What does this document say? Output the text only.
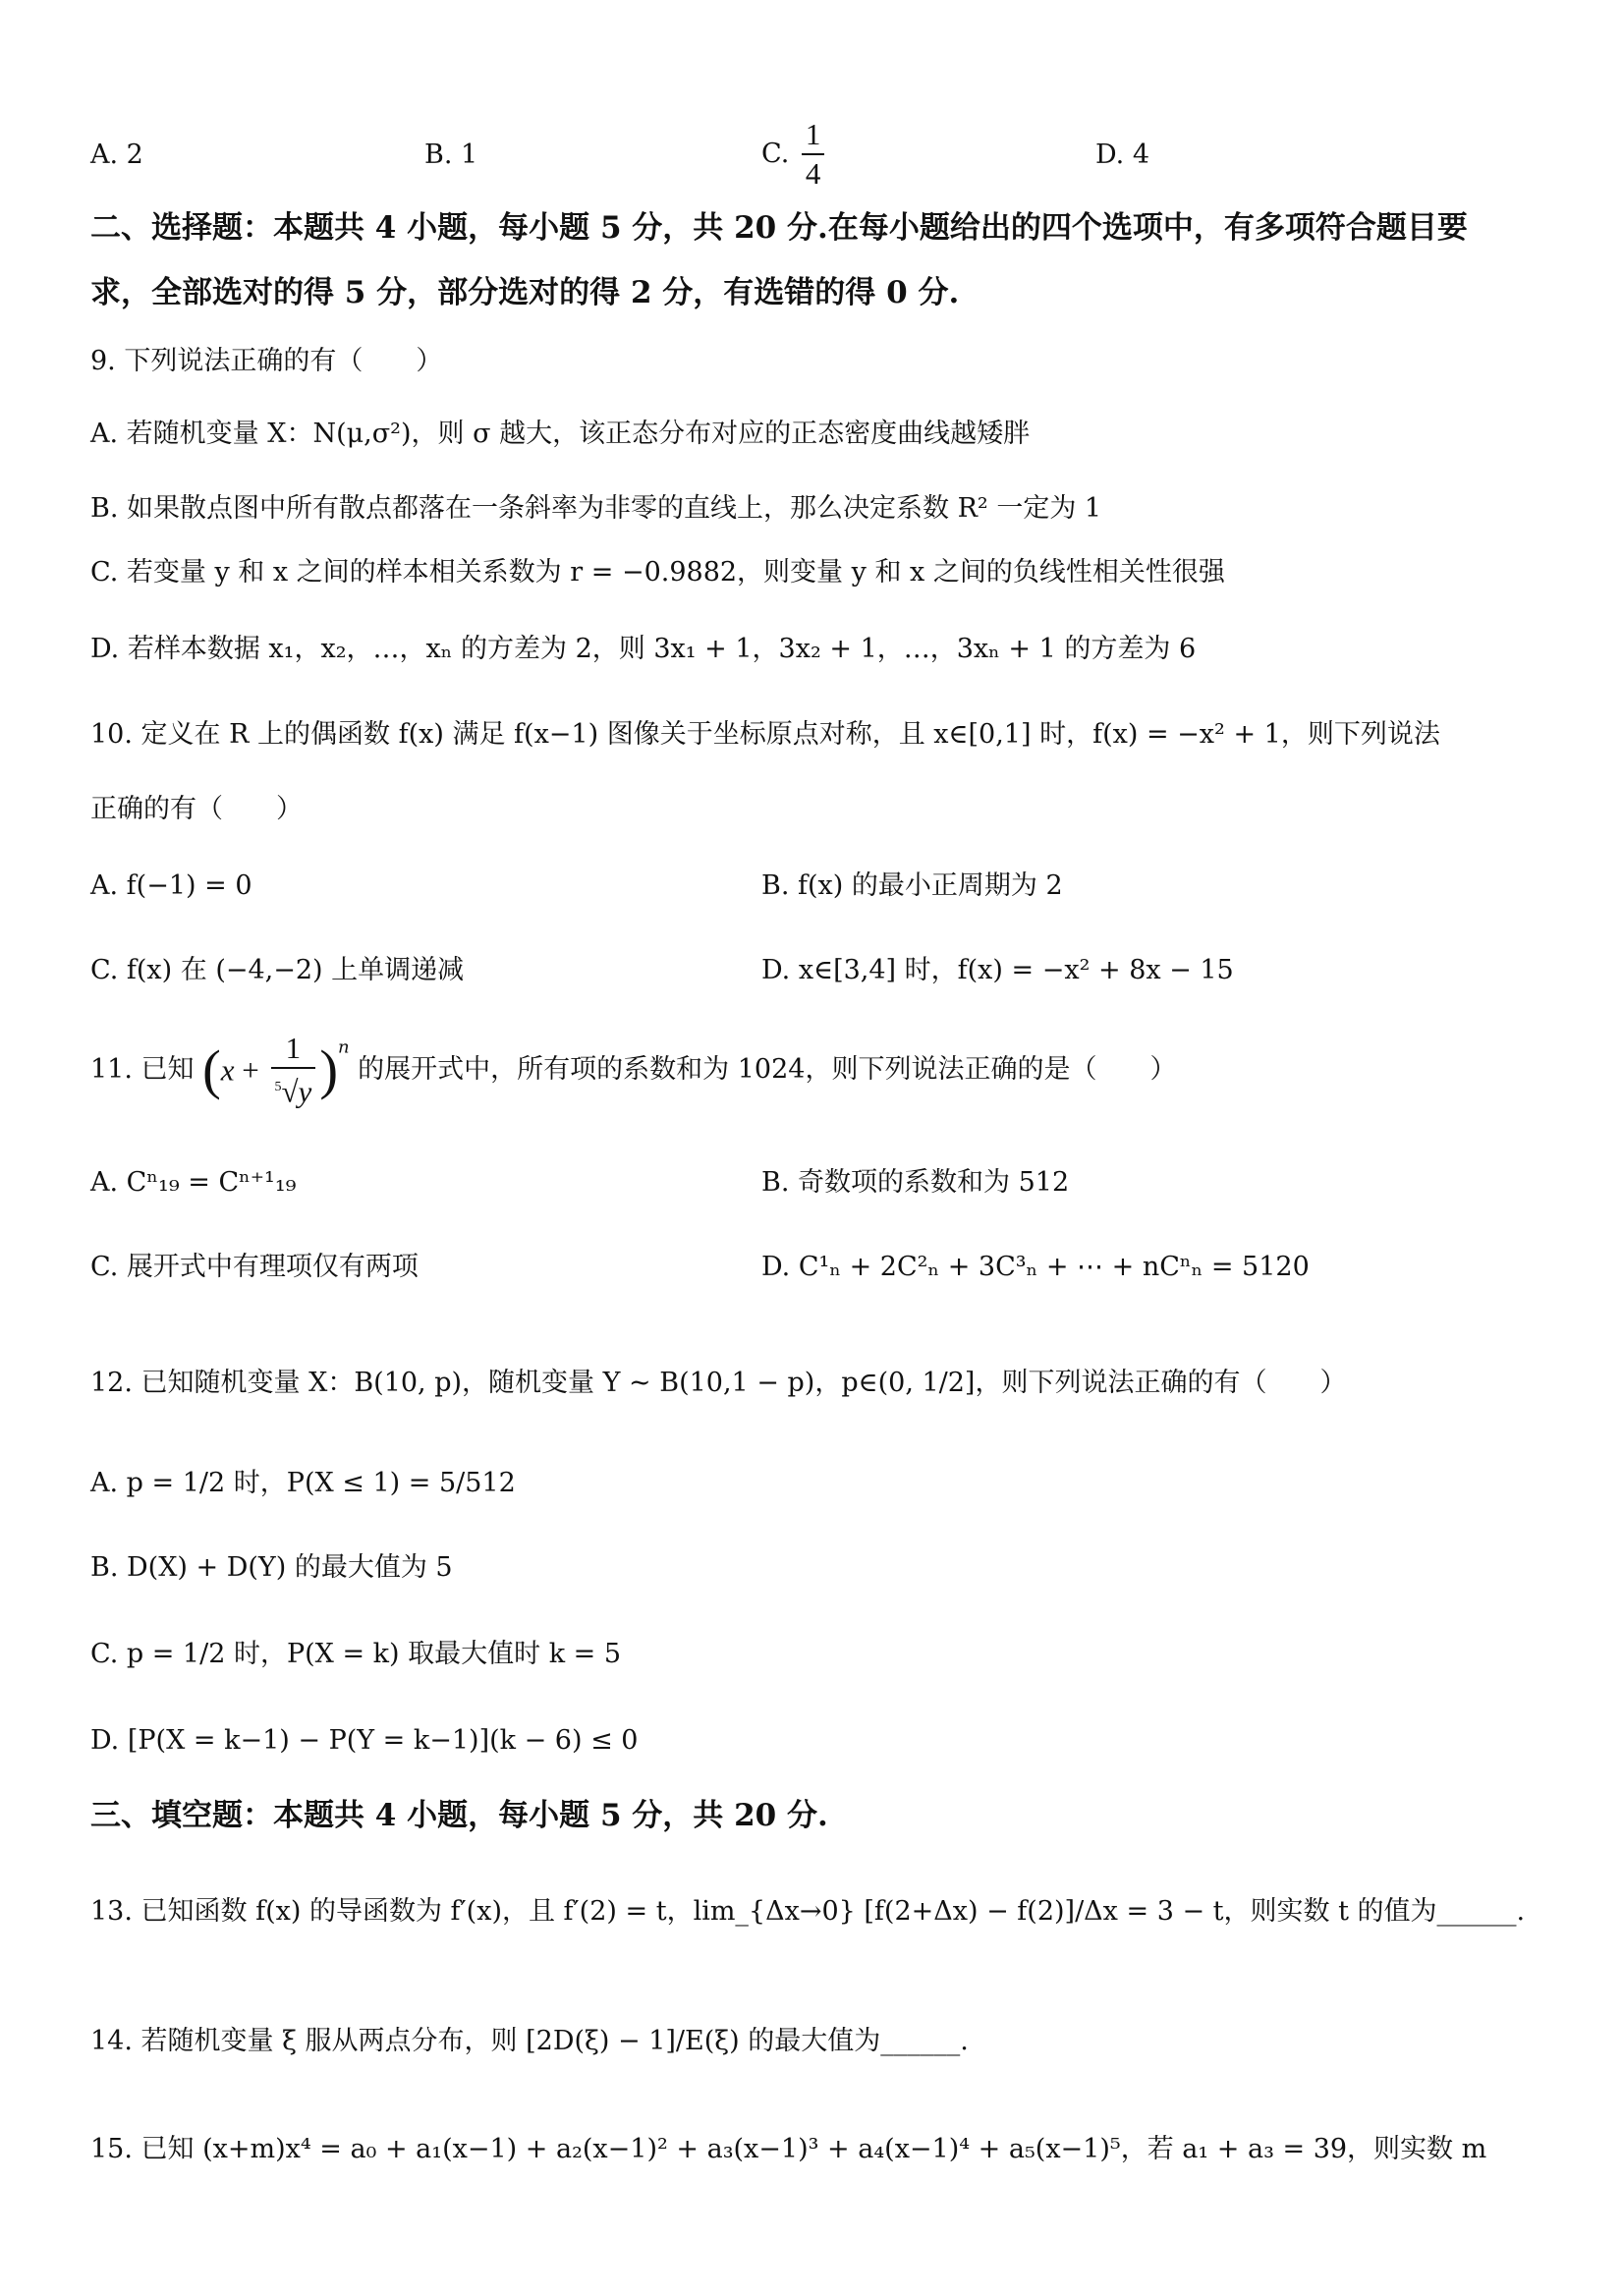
A. 2	B. 1	C. $\frac{1}{4}$	D. 4
二、选择题：本题共 4 小题，每小题 5 分，共 20 分.在每小题给出的四个选项中，有多项符合题目要
求，全部选对的得 5 分，部分选对的得 2 分，有选错的得 0 分.
9. 下列说法正确的有（　　）
A. 若随机变量 X：N(μ,σ²)，则 σ 越大，该正态分布对应的正态密度曲线越矮胖
B. 如果散点图中所有散点都落在一条斜率为非零的直线上，那么决定系数 R² 一定为 1
C. 若变量 y 和 x 之间的样本相关系数为 r = −0.9882，则变量 y 和 x 之间的负线性相关性很强
D. 若样本数据 x₁，x₂，…，xₙ 的方差为 2，则 3x₁ + 1，3x₂ + 1，…，3xₙ + 1 的方差为 6
10. 定义在 R 上的偶函数 f(x) 满足 f(x−1) 图像关于坐标原点对称，且 x∈[0,1] 时，f(x) = −x² + 1，则下列说法
正确的有（　　）
A. f(−1) = 0	B. f(x) 的最小正周期为 2
C. f(x) 在 (−4,−2) 上单调递减	D. x∈[3,4] 时，f(x) = −x² + 8x − 15
11. 已知 $(x + \frac{1}{^5√y} )^n$ 的展开式中，所有项的系数和为 1024，则下列说法正确的是（　　）
A. Cⁿ₁₉ = Cⁿ⁺¹₁₉	B. 奇数项的系数和为 512
C. 展开式中有理项仅有两项	D. C¹ₙ + 2C²ₙ + 3C³ₙ + ⋯ + nCⁿₙ = 5120
12. 已知随机变量 X：B(10, p)，随机变量 Y ~ B(10,1 − p)，p∈(0, 1/2]，则下列说法正确的有（　　）
A. p = 1/2 时，P(X ≤ 1) = 5/512
B. D(X) + D(Y) 的最大值为 5
C. p = 1/2 时，P(X = k) 取最大值时 k = 5
D. [P(X = k−1) − P(Y = k−1)](k − 6) ≤ 0
三、填空题：本题共 4 小题，每小题 5 分，共 20 分.
13. 已知函数 f(x) 的导函数为 f′(x)，且 f′(2) = t，lim_{Δx→0} [f(2+Δx) − f(2)]/Δx = 3 − t，则实数 t 的值为______.
14. 若随机变量 ξ 服从两点分布，则 [2D(ξ) − 1]/E(ξ) 的最大值为______.
15. 已知 (x+m)x⁴ = a₀ + a₁(x−1) + a₂(x−1)² + a₃(x−1)³ + a₄(x−1)⁴ + a₅(x−1)⁵，若 a₁ + a₃ = 39，则实数 m
